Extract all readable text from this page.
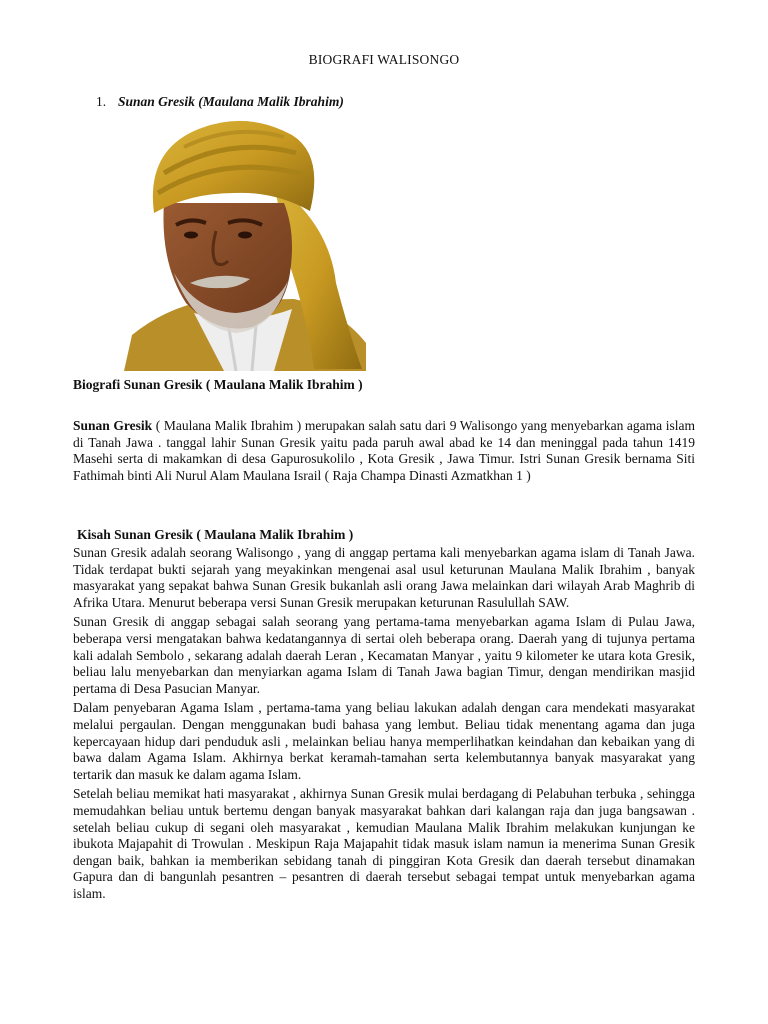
BIOGRAFI WALISONGO
1. Sunan Gresik (Maulana Malik Ibrahim)
Biografi Sunan Gresik ( Maulana Malik Ibrahim )
Sunan Gresik ( Maulana Malik Ibrahim ) merupakan salah satu dari 9 Walisongo yang menyebarkan agama islam di Tanah Jawa . tanggal lahir Sunan Gresik yaitu pada paruh awal abad ke 14 dan meninggal pada tahun 1419 Masehi serta di makamkan di desa Gapurosukolilo , Kota Gresik , Jawa Timur. Istri Sunan Gresik bernama Siti Fathimah binti Ali Nurul Alam Maulana Israil ( Raja Champa Dinasti Azmatkhan 1 )
Kisah Sunan Gresik ( Maulana Malik Ibrahim )

Sunan Gresik adalah seorang Walisongo , yang di anggap pertama kali menyebarkan agama islam di Tanah Jawa. Tidak terdapat bukti sejarah yang meyakinkan mengenai asal usul keturunan Maulana Malik Ibrahim , banyak masyarakat yang sepakat bahwa Sunan Gresik bukanlah asli orang Jawa melainkan dari wilayah Arab Maghrib di Afrika Utara. Menurut beberapa versi Sunan Gresik merupakan keturunan Rasulullah SAW.

Sunan Gresik di anggap sebagai salah seorang yang pertama-tama menyebarkan agama Islam di Pulau Jawa, beberapa versi mengatakan bahwa kedatangannya di sertai oleh beberapa orang. Daerah yang di tujunya pertama kali adalah Sembolo , sekarang adalah daerah Leran , Kecamatan Manyar , yaitu 9 kilometer ke utara kota Gresik, beliau lalu menyebarkan dan menyiarkan agama Islam di Tanah Jawa bagian Timur, dengan mendirikan masjid pertama di Desa Pasucian Manyar.

Dalam penyebaran Agama Islam , pertama-tama yang beliau lakukan adalah dengan cara mendekati masyarakat melalui pergaulan. Dengan menggunakan budi bahasa yang lembut. Beliau tidak menentang agama dan juga kepercayaan hidup dari penduduk asli , melainkan beliau hanya memperlihatkan keindahan dan kebaikan yang di bawa dalam Agama Islam. Akhirnya berkat keramah-tamahan serta kelembutannya banyak masyarakat yang tertarik dan masuk ke dalam agama Islam.

Setelah beliau memikat hati masyarakat , akhirnya Sunan Gresik mulai berdagang di Pelabuhan terbuka , sehingga memudahkan beliau untuk bertemu dengan banyak masyarakat bahkan dari kalangan raja dan juga bangsawan . setelah beliau cukup di segani oleh masyarakat , kemudian Maulana Malik Ibrahim melakukan kunjungan ke ibukota Majapahit di Trowulan . Meskipun Raja Majapahit tidak masuk islam namun ia menerima Sunan Gresik dengan baik, bahkan ia memberikan sebidang tanah di pinggiran Kota Gresik dan daerah tersebut dinamakan Gapura dan di bangunlah pesantren – pesantren di daerah tersebut sebagai tempat untuk menyebarkan agama islam.
